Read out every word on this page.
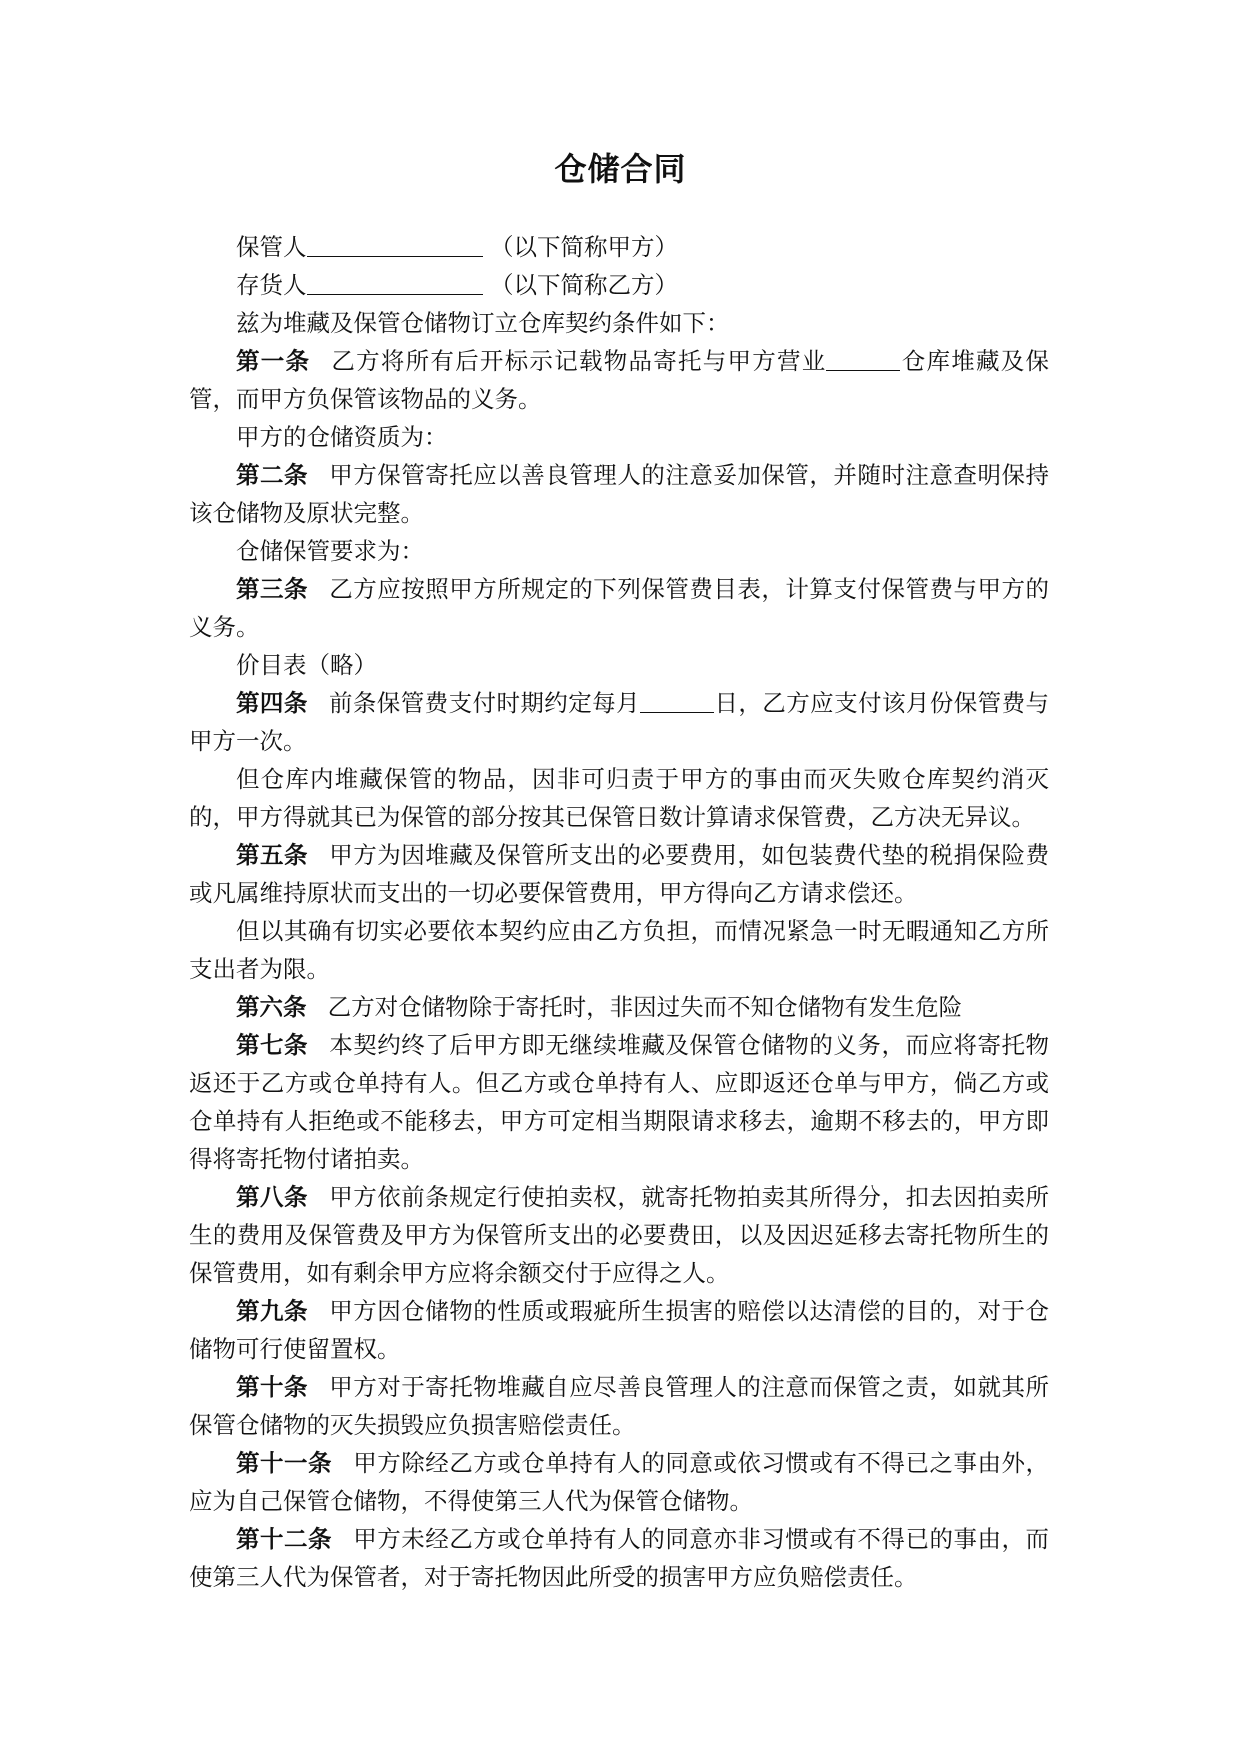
仓储合同

保管人	（以下简称甲方）

存货人	（以下简称乙方）

兹为堆藏及保管仓储物订立仓库契约条件如下：

第一条 乙方将所有后开标示记载物品寄托与甲方营业	仓库堆藏及保管，而甲方负保管该物品的义务。

甲方的仓储资质为：

第二条 甲方保管寄托应以善良管理人的注意妥加保管，并随时注意查明保持该仓储物及原状完整。

仓储保管要求为：

第三条 乙方应按照甲方所规定的下列保管费目表，计算支付保管费与甲方的义务。

价目表（略）

第四条 前条保管费支付时期约定每月	日，乙方应支付该月份保管费与甲方一次。

但仓库内堆藏保管的物品，因非可归责于甲方的事由而灭失败仓库契约消灭的，甲方得就其已为保管的部分按其已保管日数计算请求保管费，乙方决无异议。

第五条 甲方为因堆藏及保管所支出的必要费用，如包装费代垫的税捐保险费或凡属维持原状而支出的一切必要保管费用，甲方得向乙方请求偿还。

但以其确有切实必要依本契约应由乙方负担，而情况紧急一时无暇通知乙方所支出者为限。

第六条 乙方对仓储物除于寄托时，非因过失而不知仓储物有发生危险

第七条 本契约终了后甲方即无继续堆藏及保管仓储物的义务，而应将寄托物返还于乙方或仓单持有人。但乙方或仓单持有人、应即返还仓单与甲方，倘乙方或仓单持有人拒绝或不能移去，甲方可定相当期限请求移去，逾期不移去的，甲方即得将寄托物付诸拍卖。

第八条 甲方依前条规定行使拍卖权，就寄托物拍卖其所得分，扣去因拍卖所生的费用及保管费及甲方为保管所支出的必要费田，以及因迟延移去寄托物所生的保管费用，如有剩余甲方应将余额交付于应得之人。

第九条 甲方因仓储物的性质或瑕疵所生损害的赔偿以达清偿的目的，对于仓储物可行使留置权。

第十条 甲方对于寄托物堆藏自应尽善良管理人的注意而保管之责，如就其所保管仓储物的灭失损毁应负损害赔偿责任。

第十一条 甲方除经乙方或仓单持有人的同意或依习惯或有不得已之事由外，应为自己保管仓储物，不得使第三人代为保管仓储物。

第十二条 甲方未经乙方或仓单持有人的同意亦非习惯或有不得已的事由，而使第三人代为保管者，对于寄托物因此所受的损害甲方应负赔偿责任。
